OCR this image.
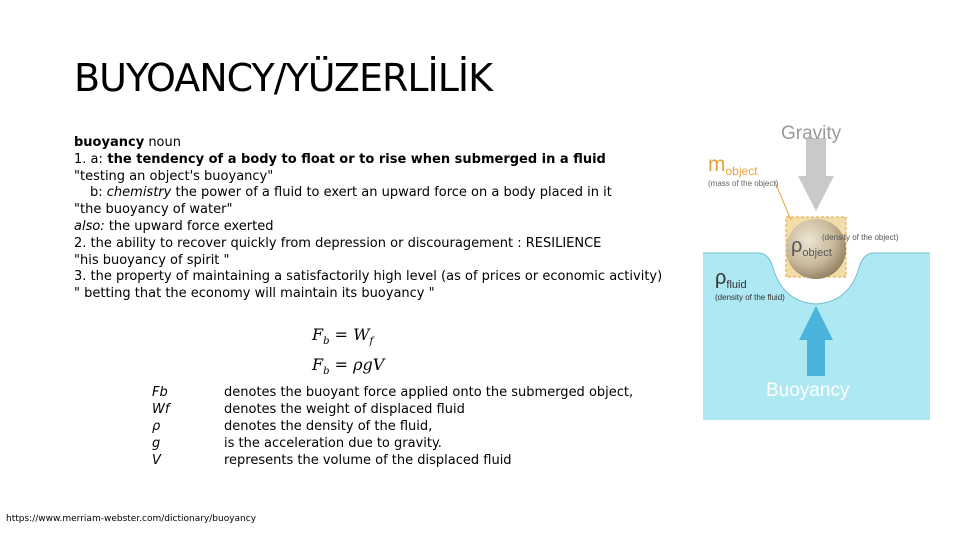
BUYOANCY/YÜZERLİLİK
buoyancy noun
1. a: the tendency of a body to float or to rise when submerged in a fluid
"testing an object's buoyancy"
b: chemistry the power of a fluid to exert an upward force on a body placed in it
"the buoyancy of water"
also: the upward force exerted
2. the ability to recover quickly from depression or discouragement : RESILIENCE
"his buoyancy of spirit "
3. the property of maintaining a satisfactorily high level (as of prices or economic activity)
" betting that the economy will maintain its buoyancy "
$F_b = W_f$
$F_b = \rho gV$
Fb
Wf
ρ
g
V
denotes the buoyant force applied onto the submerged object,
denotes the weight of displaced fluid
denotes the density of the fluid,
is the acceleration due to gravity.
represents the volume of the displaced fluid
https://www.merriam-webster.com/dictionary/buoyancy
Gravity
mobject
(mass of the object)
$\rho_{object}$
(density of the object)
$\rho_{fluid}$
(density of the fluid)
Buoyancy
